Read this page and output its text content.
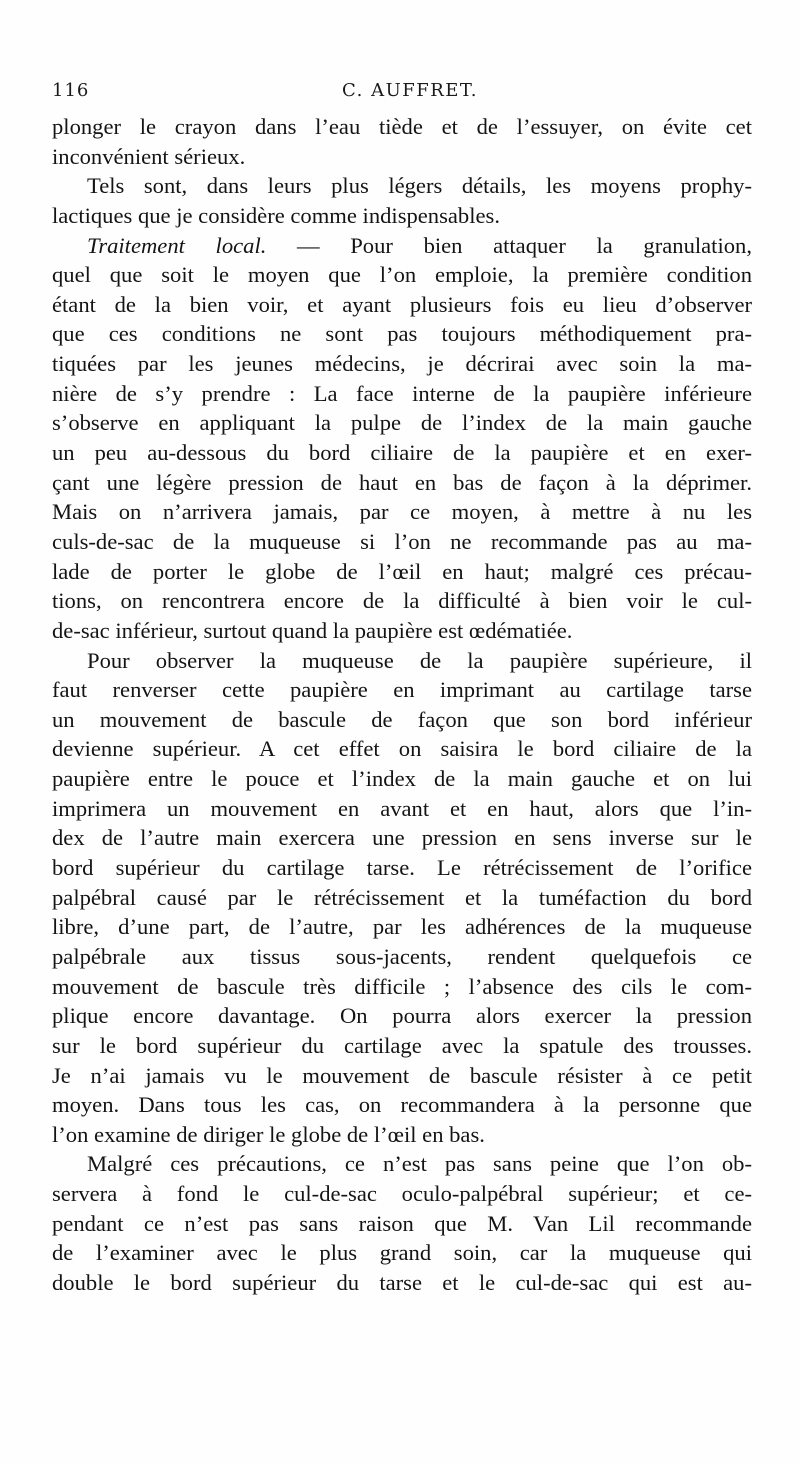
116	C. AUFFRET.
plonger le crayon dans l’eau tiède et de l’essuyer, on évite cet
inconvénient sérieux.
Tels sont, dans leurs plus légers détails, les moyens prophy-
lactiques que je considère comme indispensables.
Traitement local. — Pour bien attaquer la granulation,
quel que soit le moyen que l’on emploie, la première condition
étant de la bien voir, et ayant plusieurs fois eu lieu d’observer
que ces conditions ne sont pas toujours méthodiquement pra-
tiquées par les jeunes médecins, je décrirai avec soin la ma-
nière de s’y prendre : La face interne de la paupière inférieure
s’observe en appliquant la pulpe de l’index de la main gauche
un peu au-dessous du bord ciliaire de la paupière et en exer-
çant une légère pression de haut en bas de façon à la déprimer.
Mais on n’arrivera jamais, par ce moyen, à mettre à nu les
culs-de-sac de la muqueuse si l’on ne recommande pas au ma-
lade de porter le globe de l’œil en haut; malgré ces précau-
tions, on rencontrera encore de la difficulté à bien voir le cul-
de-sac inférieur, surtout quand la paupière est œdématiée.
Pour observer la muqueuse de la paupière supérieure, il
faut renverser cette paupière en imprimant au cartilage tarse
un mouvement de bascule de façon que son bord inférieur
devienne supérieur. A cet effet on saisira le bord ciliaire de la
paupière entre le pouce et l’index de la main gauche et on lui
imprimera un mouvement en avant et en haut, alors que l’in-
dex de l’autre main exercera une pression en sens inverse sur le
bord supérieur du cartilage tarse. Le rétrécissement de l’orifice
palpébral causé par le rétrécissement et la tuméfaction du bord
libre, d’une part, de l’autre, par les adhérences de la muqueuse
palpébrale aux tissus sous-jacents, rendent quelquefois ce
mouvement de bascule très difficile ; l’absence des cils le com-
plique encore davantage. On pourra alors exercer la pression
sur le bord supérieur du cartilage avec la spatule des trousses.
Je n’ai jamais vu le mouvement de bascule résister à ce petit
moyen. Dans tous les cas, on recommandera à la personne que
l’on examine de diriger le globe de l’œil en bas.
Malgré ces précautions, ce n’est pas sans peine que l’on ob-
servera à fond le cul-de-sac oculo-palpébral supérieur; et ce-
pendant ce n’est pas sans raison que M. Van Lil recommande
de l’examiner avec le plus grand soin, car la muqueuse qui
double le bord supérieur du tarse et le cul-de-sac qui est au-
